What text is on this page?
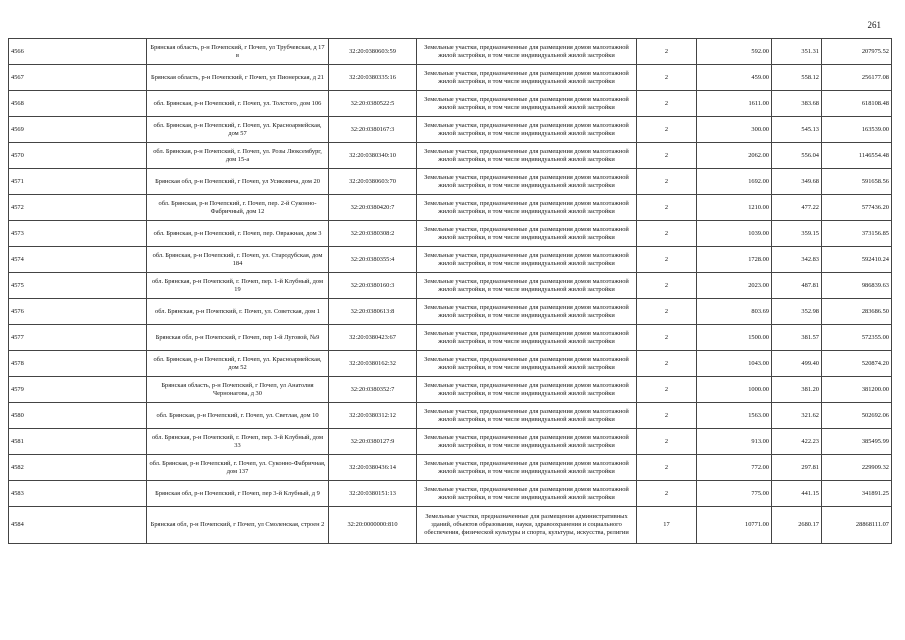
261
4566	Брянская область, р-н Почепский, г Почеп, ул Трубчевская, д 17 в	32:20:0380603:59	Земельные участки, предназначенные для размещения домов малоэтажной жилой застройки, в том числе индивидуальной жилой застройки	2	592.00	351.31	207975.52
4567	Брянская область, р-н Почепский, г Почеп, ул Пионерская, д 21	32:20:0380335:16	Земельные участки, предназначенные для размещения домов малоэтажной жилой застройки, в том числе индивидуальной жилой застройки	2	459.00	558.12	256177.08
4568	обл. Брянская, р-н Почепский, г. Почеп, ул. Толстого, дом 106	32:20:0380522:5	Земельные участки, предназначенные для размещения домов малоэтажной жилой застройки, в том числе индивидуальной жилой застройки	2	1611.00	383.68	618108.48
4569	обл. Брянская, р-н Почепский, г. Почеп, ул. Красноармейская, дом 57	32:20:0380167:3	Земельные участки, предназначенные для размещения домов малоэтажной жилой застройки, в том числе индивидуальной жилой застройки	2	300.00	545.13	163539.00
4570	обл. Брянская, р-н Почепский, г. Почеп, ул. Розы Люксембург, дом 15-а	32:20:0380340:10	Земельные участки, предназначенные для размещения домов малоэтажной жилой застройки, в том числе индивидуальной жилой застройки	2	2062.00	556.04	1146554.48
4571	Брянская обл, р-н Почепский, г Почеп, ул Усиковича, дом 20	32:20:0380603:70	Земельные участки, предназначенные для размещения домов малоэтажной жилой застройки, в том числе индивидуальной жилой застройки	2	1692.00	349.68	591658.56
4572	обл. Брянская, р-н Почепский, г. Почеп, пер. 2-й Суконно-Фабричный, дом 12	32:20:0380420:7	Земельные участки, предназначенные для размещения домов малоэтажной жилой застройки, в том числе индивидуальной жилой застройки	2	1210.00	477.22	577436.20
4573	обл. Брянская, р-н Почепский, г. Почеп, пер. Овражная, дом 3	32:20:0380308:2	Земельные участки, предназначенные для размещения домов малоэтажной жилой застройки, в том числе индивидуальной жилой застройки	2	1039.00	359.15	373156.85
4574	обл. Брянская, р-н Почепский, г. Почеп, ул. Стародубская, дом 184	32:20:0380355:4	Земельные участки, предназначенные для размещения домов малоэтажной жилой застройки, в том числе индивидуальной жилой застройки	2	1728.00	342.83	592410.24
4575	обл. Брянская, р-н Почепский, г. Почеп, пер. 1-й Клубный, дом 19	32:20:0380160:3	Земельные участки, предназначенные для размещения домов малоэтажной жилой застройки, в том числе индивидуальной жилой застройки	2	2023.00	487.81	986839.63
4576	обл. Брянская, р-н Почепский, г. Почеп, ул. Советская, дом 1	32:20:0380613:8	Земельные участки, предназначенные для размещения домов малоэтажной жилой застройки, в том числе индивидуальной жилой застройки	2	803.69	352.98	283686.50
4577	Брянская обл, р-н Почепский, г Почеп, пер 1-й Луговой, №9	32:20:0380423:67	Земельные участки, предназначенные для размещения домов малоэтажной жилой застройки, в том числе индивидуальной жилой застройки	2	1500.00	381.57	572355.00
4578	обл. Брянская, р-н Почепский, г. Почеп, ул. Красноармейская, дом 52	32:20:0380162:32	Земельные участки, предназначенные для размещения домов малоэтажной жилой застройки, в том числе индивидуальной жилой застройки	2	1043.00	499.40	520874.20
4579	Брянская область, р-н Почепский, г Почеп, ул Анатолия Чернонагова, д 30	32:20:0380352:7	Земельные участки, предназначенные для размещения домов малоэтажной жилой застройки, в том числе индивидуальной жилой застройки	2	1000.00	381.20	381200.00
4580	обл. Брянская, р-н Почепский, г. Почеп, ул. Светлая, дом 10	32:20:0380312:12	Земельные участки, предназначенные для размещения домов малоэтажной жилой застройки, в том числе индивидуальной жилой застройки	2	1563.00	321.62	502692.06
4581	обл. Брянская, р-н Почепский, г. Почеп, пер. 3-й Клубный, дом 33	32:20:0380127:9	Земельные участки, предназначенные для размещения домов малоэтажной жилой застройки, в том числе индивидуальной жилой застройки	2	913.00	422.23	385495.99
4582	обл. Брянская, р-н Почепский, г. Почеп, ул. Суконно-Фабричная, дом 137	32:20:0380436:14	Земельные участки, предназначенные для размещения домов малоэтажной жилой застройки, в том числе индивидуальной жилой застройки	2	772.00	297.81	229909.32
4583	Брянская обл, р-н Почепский, г Почеп, пер 3-й Клубный, д 9	32:20:0380151:13	Земельные участки, предназначенные для размещения домов малоэтажной жилой застройки, в том числе индивидуальной жилой застройки	2	775.00	441.15	341891.25
4584	Брянская обл, р-н Почепский, г Почеп, ул Смоленская, строен 2	32:20:0000000:810	Земельные участки, предназначенные для размещения административных зданий, объектов образования, науки, здравоохранения и социального обеспечения, физической культуры и спорта, культуры, искусства, религии	17	10771.00	2680.17	28868111.07
